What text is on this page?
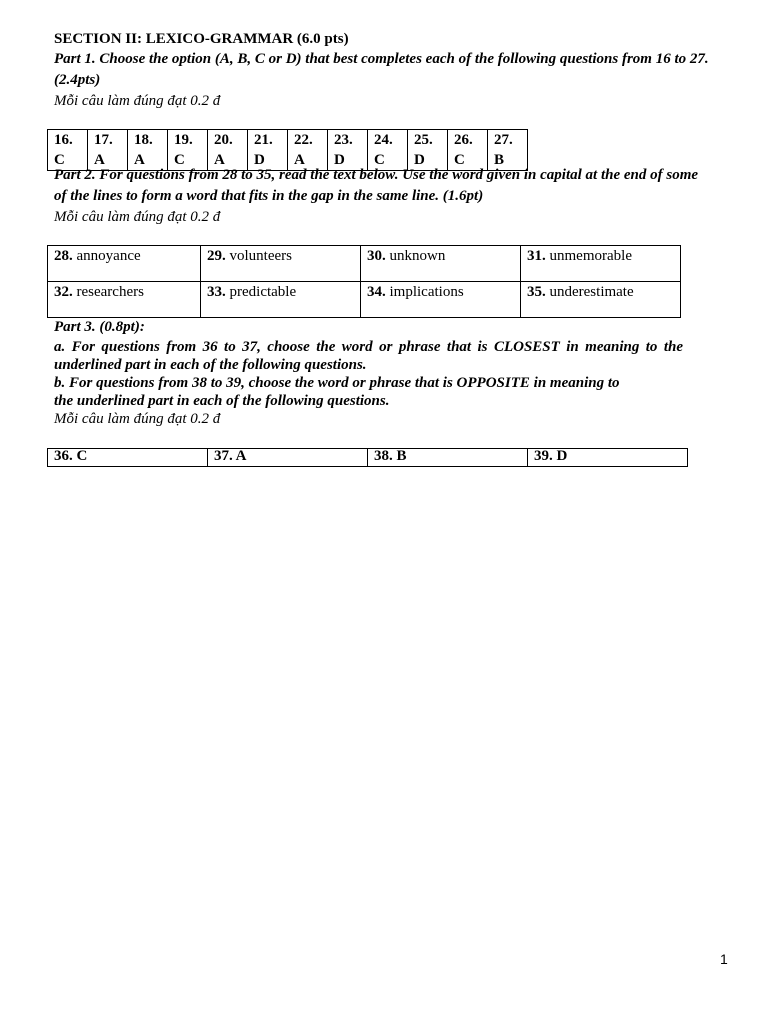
SECTION II: LEXICO-GRAMMAR (6.0 pts)
Part 1. Choose the option (A, B, C or D) that best completes each of the following questions from 16 to 27.
(2.4pts)
Mỗi câu làm đúng đạt 0.2 đ
16. C	17. A	18. A	19. C	20. A	21. D	22. A	23. D	24. C	25. D	26. C	27. B
Part 2. For questions from 28 to 35, read the text below. Use the word given in capital at the end of some
of the lines to form a word that fits in the gap in the same line. (1.6pt)
Mỗi câu làm đúng đạt 0.2 đ
28. annoyance	29. volunteers	30. unknown	31. unmemorable
32. researchers	33. predictable	34. implications	35. underestimate
Part 3. (0.8pt):
a. For questions from 36 to 37, choose the word or phrase that is CLOSEST in meaning to the
underlined part in each of the following questions.
b. For questions from 38 to 39, choose the word or phrase that is OPPOSITE in meaning to
the underlined part in each of the following questions.
Mỗi câu làm đúng đạt 0.2 đ
36. C	37. A	38. B	39. D
1
